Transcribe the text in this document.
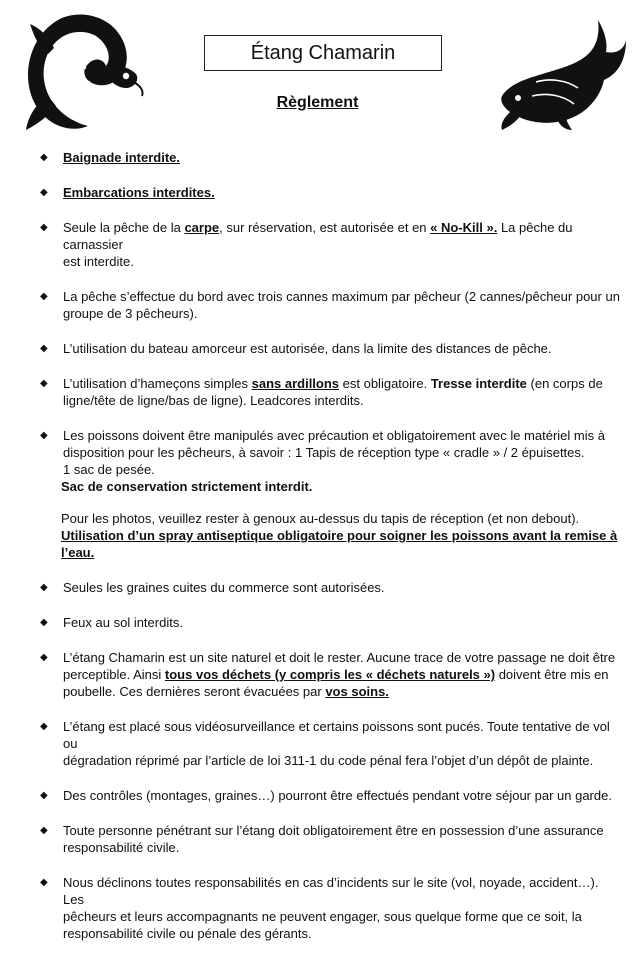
Étang Chamarin
Règlement
◆ Baignade interdite.
◆ Embarcations interdites.
◆ Seule la pêche de la carpe, sur réservation, est autorisée et en « No-Kill ». La pêche du carnassier
est interdite.
◆ La pêche s’effectue du bord avec trois cannes maximum par pêcheur (2 cannes/pêcheur pour un
groupe de 3 pêcheurs).
◆ L’utilisation du bateau amorceur est autorisée, dans la limite des distances de pêche.
◆ L’utilisation d’hameçons simples sans ardillons est obligatoire. Tresse interdite (en corps de
ligne/tête de ligne/bas de ligne). Leadcores interdits.
◆ Les poissons doivent être manipulés avec précaution et obligatoirement avec le matériel mis à
disposition pour les pêcheurs, à savoir : 1 Tapis de réception type « cradle » / 2 épuisettes.
1 sac de pesée.
Sac de conservation strictement interdit.
Pour les photos, veuillez rester à genoux au-dessus du tapis de réception (et non debout).
Utilisation d’un spray antiseptique obligatoire pour soigner les poissons avant la remise à l’eau.
◆ Seules les graines cuites du commerce sont autorisées.
◆ Feux au sol interdits.
◆ L’étang Chamarin est un site naturel et doit le rester. Aucune trace de votre passage ne doit être
perceptible. Ainsi tous vos déchets (y compris les « déchets naturels ») doivent être mis en
poubelle. Ces dernières seront évacuées par vos soins.
◆ L’étang est placé sous vidéosurveillance et certains poissons sont pucés. Toute tentative de vol ou
dégradation réprimé par l’article de loi 311-1 du code pénal fera l’objet d’un dépôt de plainte.
◆ Des contrôles (montages, graines…) pourront être effectués pendant votre séjour par un garde.
◆ Toute personne pénétrant sur l’étang doit obligatoirement être en possession d’une assurance
responsabilité civile.
◆ Nous déclinons toutes responsabilités en cas d’incidents sur le site (vol, noyade, accident…). Les
pêcheurs et leurs accompagnants ne peuvent engager, sous quelque forme que ce soit, la
responsabilité civile ou pénale des gérants.
